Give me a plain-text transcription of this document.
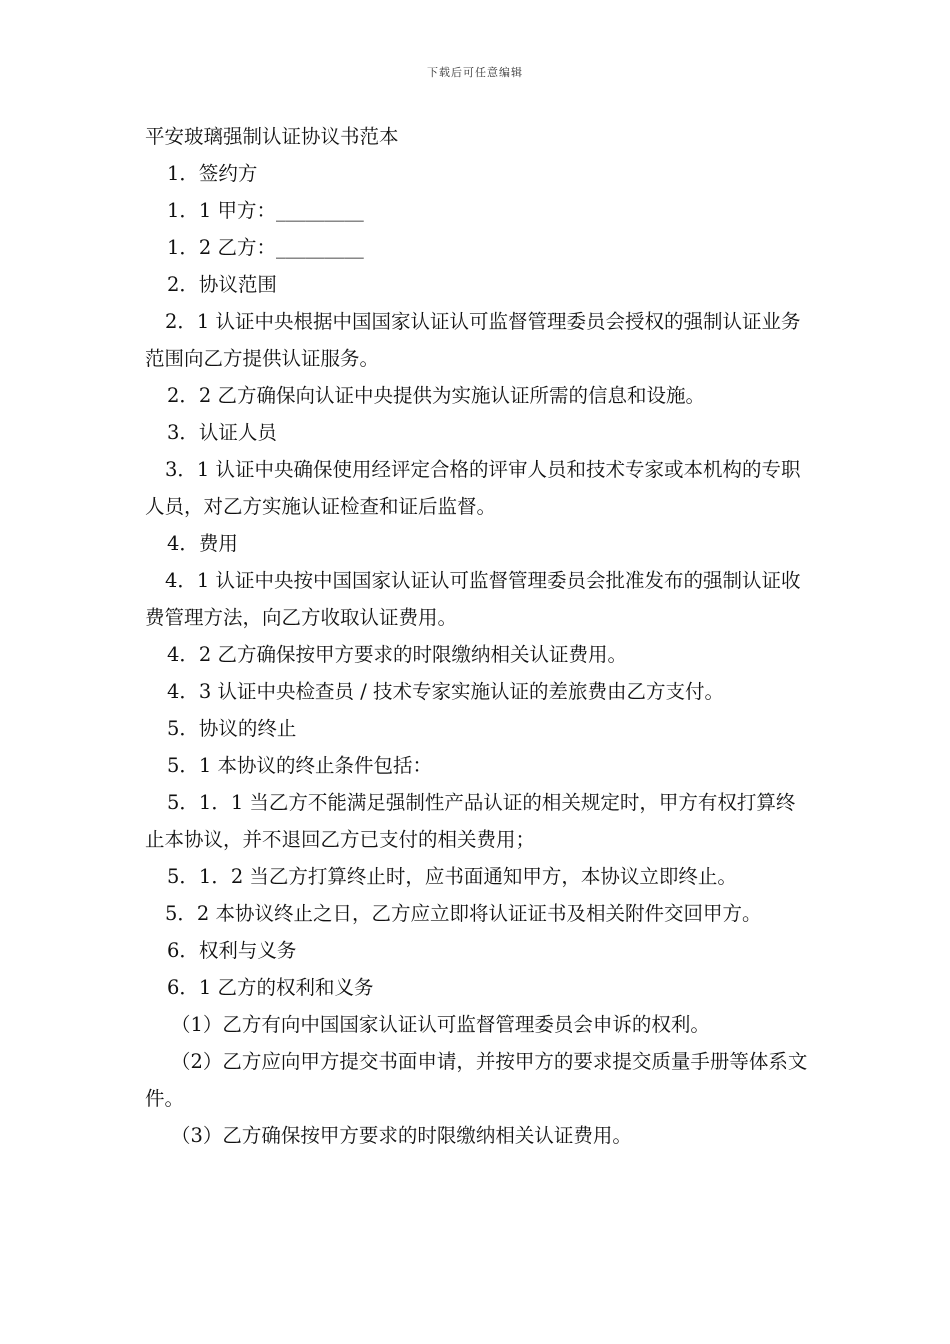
下载后可任意编辑

平安玻璃强制认证协议书范本

1．签约方

1．1 甲方：_________

1．2 乙方：_________

2．协议范围

2．1 认证中央根据中国国家认证认可监督管理委员会授权的强制认证业务范围向乙方提供认证服务。

2．2 乙方确保向认证中央提供为实施认证所需的信息和设施。

3．认证人员

3．1 认证中央确保使用经评定合格的评审人员和技术专家或本机构的专职人员，对乙方实施认证检查和证后监督。

4．费用

4．1 认证中央按中国国家认证认可监督管理委员会批准发布的强制认证收费管理方法，向乙方收取认证费用。

4．2 乙方确保按甲方要求的时限缴纳相关认证费用。

4．3 认证中央检查员 / 技术专家实施认证的差旅费由乙方支付。

5．协议的终止

5．1 本协议的终止条件包括：

5．1．1 当乙方不能满足强制性产品认证的相关规定时，甲方有权打算终止本协议，并不退回乙方已支付的相关费用；

5．1．2 当乙方打算终止时，应书面通知甲方，本协议立即终止。

5．2 本协议终止之日，乙方应立即将认证证书及相关附件交回甲方。

6．权利与义务

6．1 乙方的权利和义务

（1）乙方有向中国国家认证认可监督管理委员会申诉的权利。

（2）乙方应向甲方提交书面申请，并按甲方的要求提交质量手册等体系文件。

（3）乙方确保按甲方要求的时限缴纳相关认证费用。
